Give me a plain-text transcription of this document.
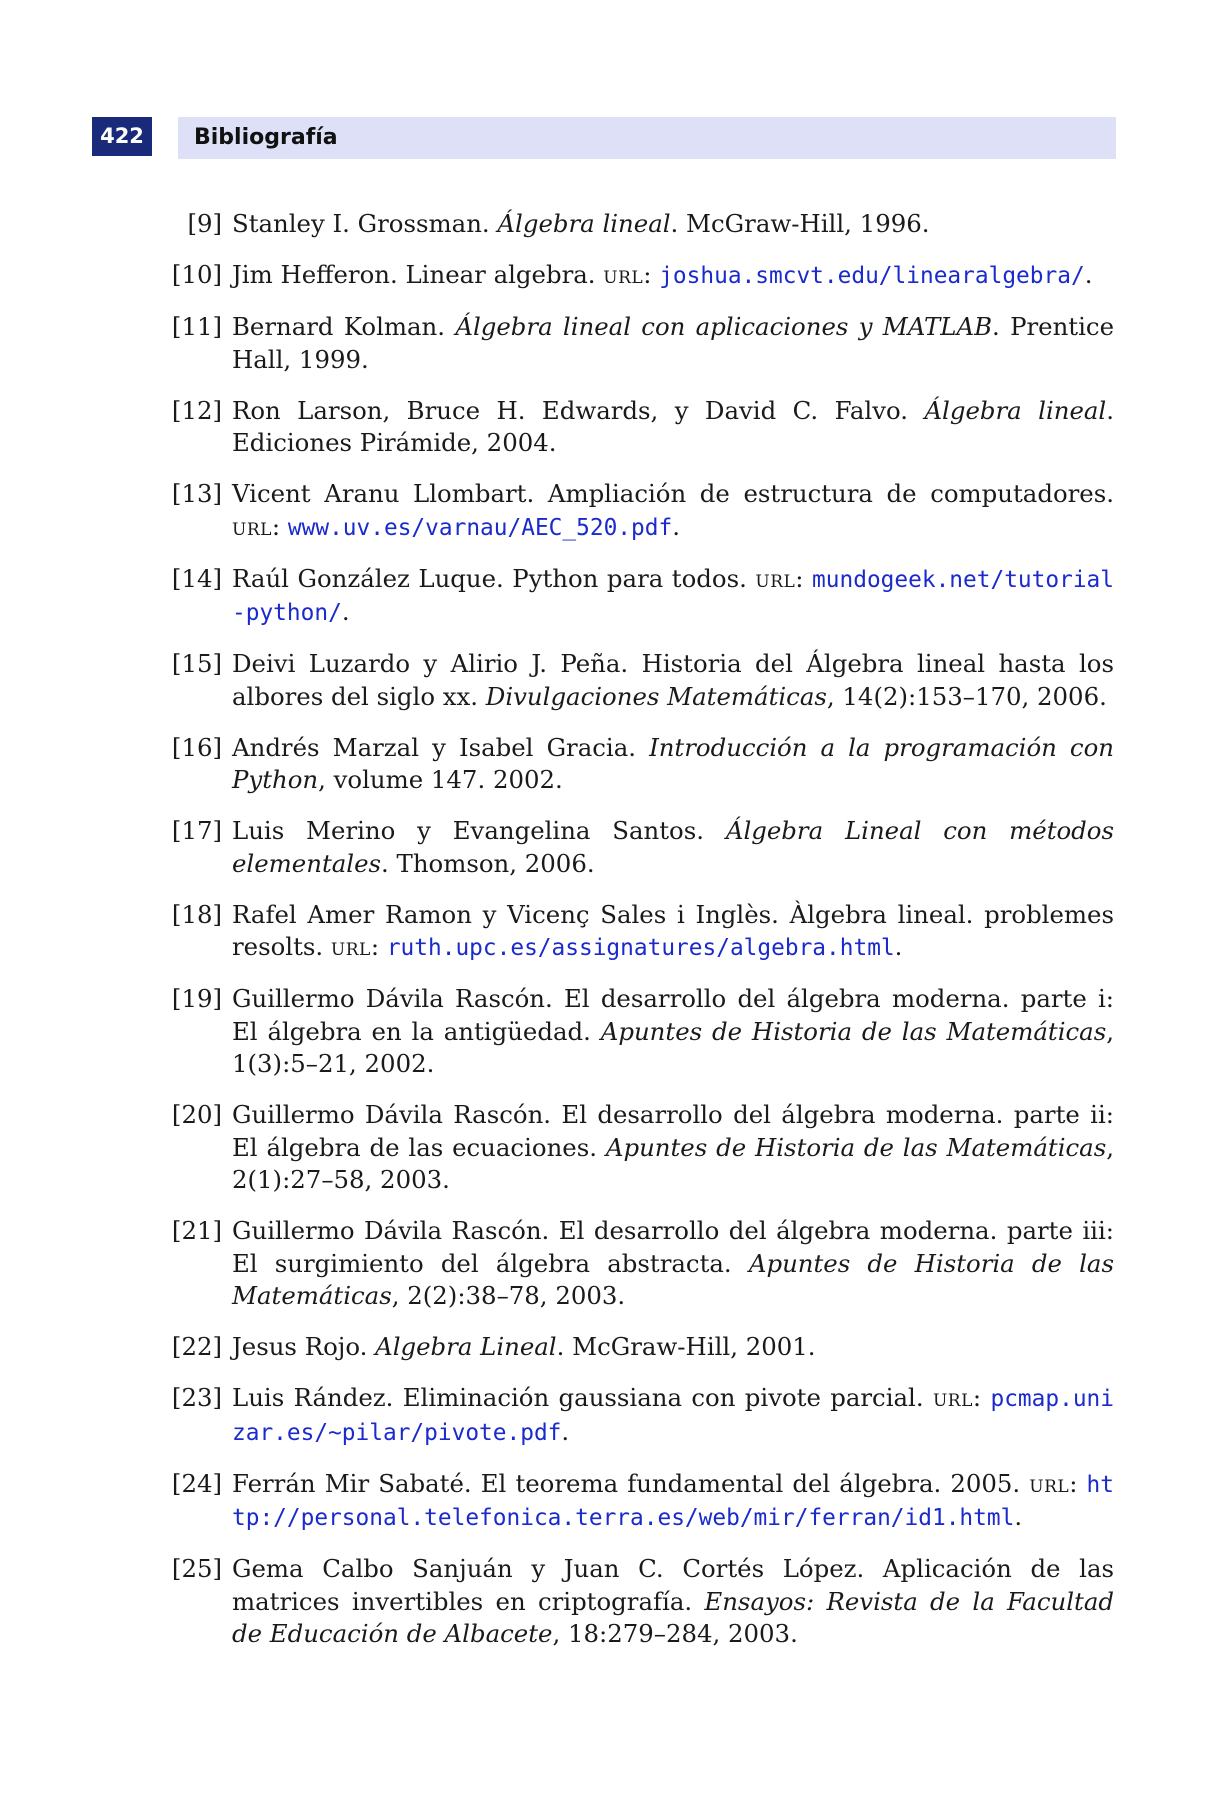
422	Bibliografía
[9] Stanley I. Grossman. Álgebra lineal. McGraw-Hill, 1996.
[10] Jim Hefferon. Linear algebra. url: joshua.smcvt.edu/linearalgebra/.
[11] Bernard Kolman. Álgebra lineal con aplicaciones y MATLAB. Prentice Hall, 1999.
[12] Ron Larson, Bruce H. Edwards, y David C. Falvo. Álgebra lineal. Ediciones Pirámide, 2004.
[13] Vicent Aranu Llombart. Ampliación de estructura de computadores. url: www.uv.es/varnau/AEC_520.pdf.
[14] Raúl González Luque. Python para todos. url: mundogeek.net/tutorial-python/.
[15] Deivi Luzardo y Alirio J. Peña. Historia del Álgebra lineal hasta los albores del siglo xx. Divulgaciones Matemáticas, 14(2):153–170, 2006.
[16] Andrés Marzal y Isabel Gracia. Introducción a la programación con Python, volume 147. 2002.
[17] Luis Merino y Evangelina Santos. Álgebra Lineal con métodos elementales. Thomson, 2006.
[18] Rafel Amer Ramon y Vicenç Sales i Inglès. Àlgebra lineal. problemes resolts. url: ruth.upc.es/assignatures/algebra.html.
[19] Guillermo Dávila Rascón. El desarrollo del álgebra moderna. parte i: El álgebra en la antigüedad. Apuntes de Historia de las Matemáticas, 1(3):5–21, 2002.
[20] Guillermo Dávila Rascón. El desarrollo del álgebra moderna. parte ii: El álgebra de las ecuaciones. Apuntes de Historia de las Matemáticas, 2(1):27–58, 2003.
[21] Guillermo Dávila Rascón. El desarrollo del álgebra moderna. parte iii: El surgimiento del álgebra abstracta. Apuntes de Historia de las Matemáticas, 2(2):38–78, 2003.
[22] Jesus Rojo. Algebra Lineal. McGraw-Hill, 2001.
[23] Luis Rández. Eliminación gaussiana con pivote parcial. url: pcmap.unizar.es/~pilar/pivote.pdf.
[24] Ferrán Mir Sabaté. El teorema fundamental del álgebra. 2005. url: http://personal.telefonica.terra.es/web/mir/ferran/id1.html.
[25] Gema Calbo Sanjuán y Juan C. Cortés López. Aplicación de las matrices invertibles en criptografía. Ensayos: Revista de la Facultad de Educación de Albacete, 18:279–284, 2003.
